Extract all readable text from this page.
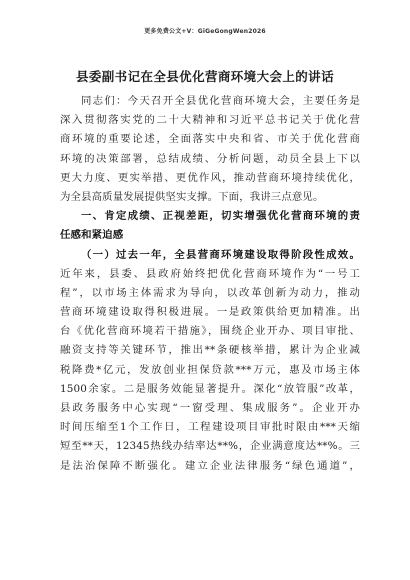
更多免费公文+V：GiGeGongWen2026
县委副书记在全县优化营商环境大会上的讲话
同志们：今天召开全县优化营商环境大会，主要任务是
深入贯彻落实党的二十大精神和习近平总书记关于优化营
商环境的重要论述，全面落实中央和省、市关于优化营商
环境的决策部署，总结成绩、分析问题，动员全县上下以
更大力度、更实举措、更优作风，推动营商环境持续优化，
为全县高质量发展提供坚实支撑。下面，我讲三点意见。
一、肯定成绩、正视差距，切实增强优化营商环境的责
任感和紧迫感
（一）过去一年，全县营商环境建设取得阶段性成效。
近年来，县委、县政府始终把优化营商环境作为“一号工
程”，以市场主体需求为导向，以改革创新为动力，推动
营商环境建设取得积极进展。一是政策供给更加精准。出
台《优化营商环境若干措施》，围绕企业开办、项目审批、
融资支持等关键环节，推出**条硬核举措，累计为企业减
税降费*亿元，发放创业担保贷款***万元，惠及市场主体
1500余家。二是服务效能显著提升。深化“放管服”改革，
县政务服务中心实现“一窗受理、集成服务”。企业开办
时间压缩至1个工作日，工程建设项目审批时限由***天缩
短至**天，12345热线办结率达**%，企业满意度达**%。三
是法治保障不断强化。建立企业法律服务“绿色通道”，
